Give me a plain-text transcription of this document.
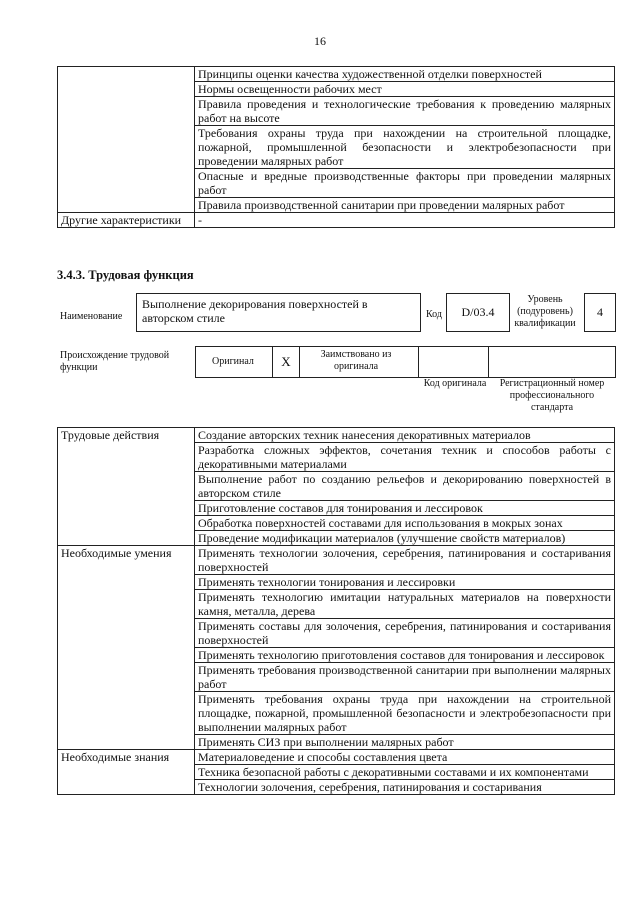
16
	Принципы оценки качества художественной отделки поверхностей
	Нормы освещенности рабочих мест
	Правила проведения и технологические требования к проведению малярных работ на высоте
	Требования охраны труда при нахождении на строительной площадке, пожарной, промышленной безопасности и электробезопасности при проведении малярных работ
	Опасные и вредные производственные факторы при проведении малярных работ
	Правила производственной санитарии при проведении малярных работ
Другие характеристики	-
3.4.3. Трудовая функция
Наименование
Выполнение декорирования поверхностей в авторском стиле	Код	D/03.4
Уровень (подуровень) квалификации
4
Происхождение трудовой функции
Оригинал	X	Заимствовано из оригинала
Код оригинала	Регистрационный номер профессионального стандарта
Трудовые действия	Создание авторских техник нанесения декоративных материалов
	Разработка сложных эффектов, сочетания техник и способов работы с декоративными материалами
	Выполнение работ по созданию рельефов и декорированию поверхностей в авторском стиле
	Приготовление составов для тонирования и лессировок
	Обработка поверхностей составами для использования в мокрых зонах
	Проведение модификации материалов (улучшение свойств материалов)
Необходимые умения	Применять технологии золочения, серебрения, патинирования и состаривания поверхностей
	Применять технологии тонирования и лессировки
	Применять технологию имитации натуральных материалов на поверхности камня, металла, дерева
	Применять составы для золочения, серебрения, патинирования и состаривания поверхностей
	Применять технологию приготовления составов для тонирования и лессировок
	Применять требования производственной санитарии при выполнении малярных работ
	Применять требования охраны труда при нахождении на строительной площадке, пожарной, промышленной безопасности и электробезопасности при выполнении малярных работ
	Применять СИЗ при выполнении малярных работ
Необходимые знания	Материаловедение и способы составления цвета
	Техника безопасной работы с декоративными составами и их компонентами
	Технологии золочения, серебрения, патинирования и состаривания
